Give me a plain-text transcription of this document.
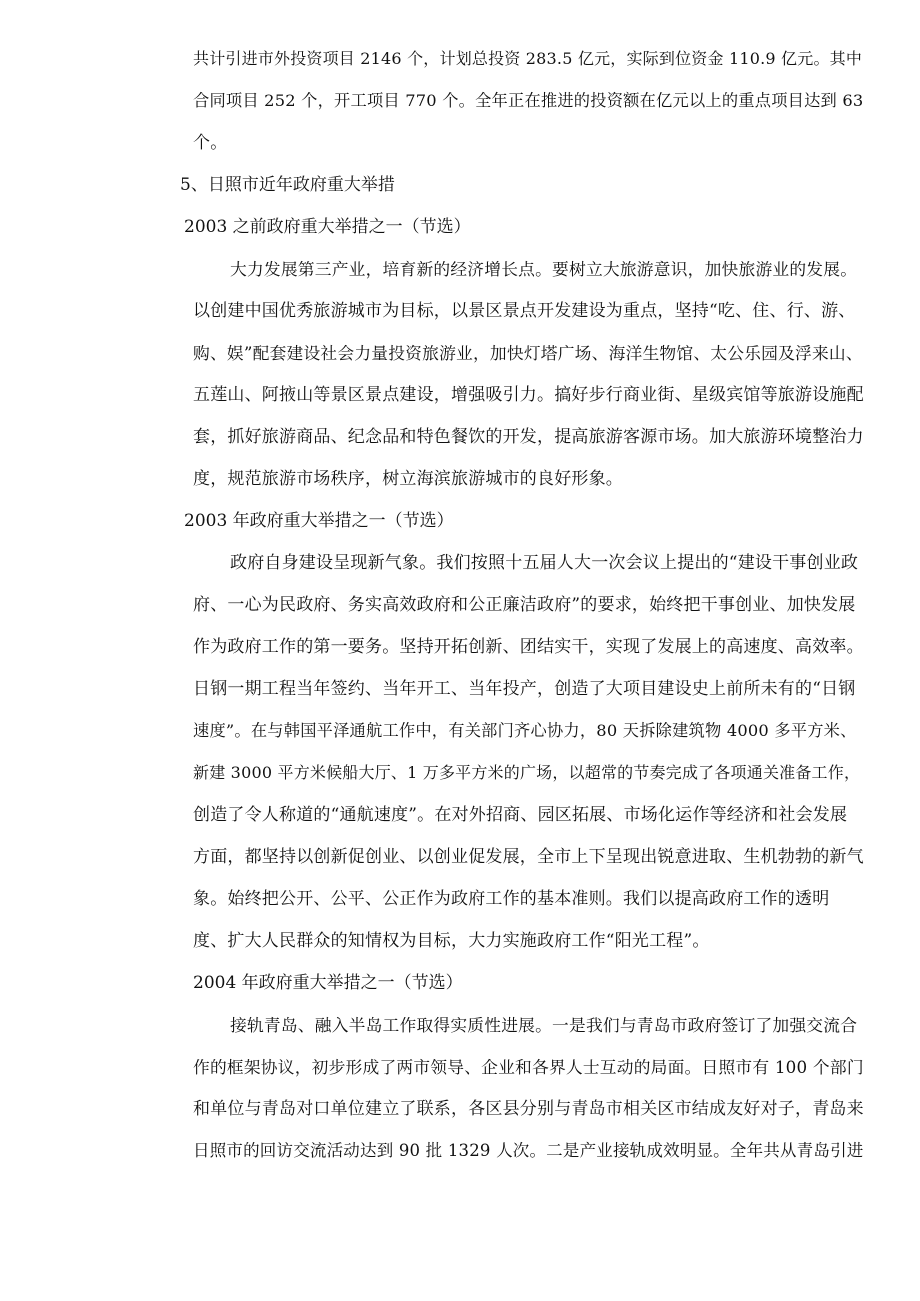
共计引进市外投资项目 2146 个，计划总投资 283.5 亿元，实际到位资金 110.9 亿元。其中
合同项目 252 个，开工项目 770 个。全年正在推进的投资额在亿元以上的重点项目达到 63
个。
5、日照市近年政府重大举措
2003 之前政府重大举措之一（节选）
大力发展第三产业，培育新的经济增长点。要树立大旅游意识，加快旅游业的发展。
以创建中国优秀旅游城市为目标，以景区景点开发建设为重点，坚持“吃、住、行、游、
购、娱”配套建设社会力量投资旅游业，加快灯塔广场、海洋生物馆、太公乐园及浮来山、
五莲山、阿掖山等景区景点建设，增强吸引力。搞好步行商业街、星级宾馆等旅游设施配
套，抓好旅游商品、纪念品和特色餐饮的开发，提高旅游客源市场。加大旅游环境整治力
度，规范旅游市场秩序，树立海滨旅游城市的良好形象。
2003 年政府重大举措之一（节选）
政府自身建设呈现新气象。我们按照十五届人大一次会议上提出的“建设干事创业政
府、一心为民政府、务实高效政府和公正廉洁政府”的要求，始终把干事创业、加快发展
作为政府工作的第一要务。坚持开拓创新、团结实干，实现了发展上的高速度、高效率。
日钢一期工程当年签约、当年开工、当年投产，创造了大项目建设史上前所未有的“日钢
速度”。在与韩国平泽通航工作中，有关部门齐心协力，80 天拆除建筑物 4000 多平方米、
新建 3000 平方米候船大厅、1 万多平方米的广场，以超常的节奏完成了各项通关准备工作，
创造了令人称道的“通航速度”。在对外招商、园区拓展、市场化运作等经济和社会发展
方面，都坚持以创新促创业、以创业促发展，全市上下呈现出锐意进取、生机勃勃的新气
象。始终把公开、公平、公正作为政府工作的基本准则。我们以提高政府工作的透明
度、扩大人民群众的知情权为目标，大力实施政府工作“阳光工程”。
2004 年政府重大举措之一（节选）
接轨青岛、融入半岛工作取得实质性进展。一是我们与青岛市政府签订了加强交流合
作的框架协议，初步形成了两市领导、企业和各界人士互动的局面。日照市有 100 个部门
和单位与青岛对口单位建立了联系，各区县分别与青岛市相关区市结成友好对子，青岛来
日照市的回访交流活动达到 90 批 1329 人次。二是产业接轨成效明显。全年共从青岛引进
